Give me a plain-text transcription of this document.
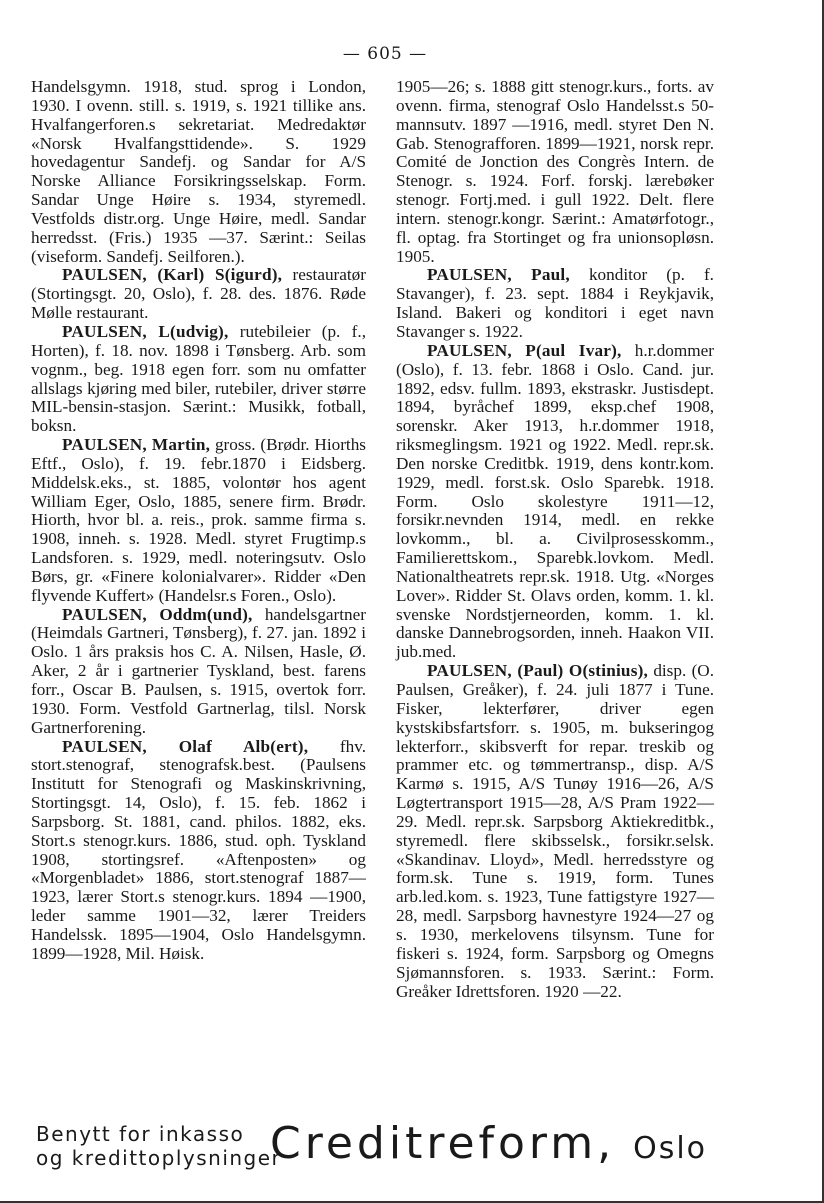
— 605 —

Handelsgymn. 1918, stud. sprog i London, 1930. I ovenn. still. s. 1919, s. 1921 tillike ans. Hvalfangerforen.s sekretariat. Medredaktør «Norsk Hvalfangsttidende». S. 1929 hovedagentur Sandefj. og Sandar for A/S Norske Alliance Forsikringsselskap. Form. Sandar Unge Høire s. 1934, styremedl. Vestfolds distr.org. Unge Høire, medl. Sandar herredsst. (Fris.) 1935 —37. Særint.: Seilas (viseform. Sandefj. Seilforen.).

PAULSEN, (Karl) S(igurd), restauratør (Stortingsgt. 20, Oslo), f. 28. des. 1876. Røde Mølle restaurant.

PAULSEN, L(udvig), rutebileier (p. f., Horten), f. 18. nov. 1898 i Tønsberg. Arb. som vognm., beg. 1918 egen forr. som nu omfatter allslags kjøring med biler, rutebiler, driver større MIL-bensin-stasjon. Særint.: Musikk, fotball, boksn.

PAULSEN, Martin, gross. (Brødr. Hiorths Eftf., Oslo), f. 19. febr.1870 i Eidsberg. Middelsk.eks., st. 1885, volontør hos agent William Eger, Oslo, 1885, senere firm. Brødr. Hiorth, hvor bl. a. reis., prok. samme firma s. 1908, inneh. s. 1928. Medl. styret Frugtimp.s Landsforen. s. 1929, medl. noteringsutv. Oslo Børs, gr. «Finere kolonialvarer». Ridder «Den flyvende Kuffert» (Handelsr.s Foren., Oslo).

PAULSEN, Oddm(und), handelsgartner (Heimdals Gartneri, Tønsberg), f. 27. jan. 1892 i Oslo. 1 års praksis hos C. A. Nilsen, Hasle, Ø. Aker, 2 år i gartnerier Tyskland, best. farens forr., Oscar B. Paulsen, s. 1915, overtok forr. 1930. Form. Vestfold Gartnerlag, tilsl. Norsk Gartnerforening.

PAULSEN, Olaf Alb(ert), fhv. stort.stenograf, stenografsk.best. (Paulsens Institutt for Stenografi og Maskinskrivning, Stortingsgt. 14, Oslo), f. 15. feb. 1862 i Sarpsborg. St. 1881, cand. philos. 1882, eks. Stort.s stenogr.kurs. 1886, stud. oph. Tyskland 1908, stortingsref. «Aftenposten» og «Morgenbladet» 1886, stort.stenograf 1887—1923, lærer Stort.s stenogr.kurs. 1894 —1900, leder samme 1901—32, lærer Treiders Handelssk. 1895—1904, Oslo Handelsgymn. 1899—1928, Mil. Høisk.

1905—26; s. 1888 gitt stenogr.kurs., forts. av ovenn. firma, stenograf Oslo Handelsst.s 50-mannsutv. 1897 —1916, medl. styret Den N. Gab. Stenografforen. 1899—1921, norsk repr. Comité de Jonction des Congrès Intern. de Stenogr. s. 1924. Forf. forskj. lærebøker stenogr. Fortj.med. i gull 1922. Delt. flere intern. stenogr.kongr. Særint.: Amatørfotogr., fl. optag. fra Stortinget og fra unionsopløsn. 1905.

PAULSEN, Paul, konditor (p. f. Stavanger), f. 23. sept. 1884 i Reykjavik, Island. Bakeri og konditori i eget navn Stavanger s. 1922.

PAULSEN, P(aul Ivar), h.r.dommer (Oslo), f. 13. febr. 1868 i Oslo. Cand. jur. 1892, edsv. fullm. 1893, ekstraskr. Justisdept. 1894, byråchef 1899, eksp.chef 1908, sorenskr. Aker 1913, h.r.dommer 1918, riksmeglingsm. 1921 og 1922. Medl. repr.sk. Den norske Creditbk. 1919, dens kontr.kom. 1929, medl. forst.sk. Oslo Sparebk. 1918. Form. Oslo skolestyre 1911—12, forsikr.nevnden 1914, medl. en rekke lovkomm., bl. a. Civilprosesskomm., Familierettskom., Sparebk.lovkom. Medl. Nationaltheatrets repr.sk. 1918. Utg. «Norges Lover». Ridder St. Olavs orden, komm. 1. kl. svenske Nordstjerneorden, komm. 1. kl. danske Dannebrogsorden, inneh. Haakon VII. jub.med.

PAULSEN, (Paul) O(stinius), disp. (O. Paulsen, Greåker), f. 24. juli 1877 i Tune. Fisker, lekterfører, driver egen kystskibsfartsforr. s. 1905, m. bukseringog lekterforr., skibsverft for repar. treskib og prammer etc. og tømmertransp., disp. A/S Karmø s. 1915, A/S Tunøy 1916—26, A/S Løgtertransport 1915—28, A/S Pram 1922—29. Medl. repr.sk. Sarpsborg Aktiekreditbk., styremedl. flere skibsselsk., forsikr.selsk. «Skandinav. Lloyd», Medl. herredsstyre og form.sk. Tune s. 1919, form. Tunes arb.led.kom. s. 1923, Tune fattigstyre 1927—28, medl. Sarpsborg havnestyre 1924—27 og s. 1930, merkelovens tilsynsm. Tune for fiskeri s. 1924, form. Sarpsborg og Omegns Sjømannsforen. s. 1933. Særint.: Form. Greåker Idrettsforen. 1920 —22.

Benytt for inkasso
og kredittoplysninger
Creditreform, Oslo
